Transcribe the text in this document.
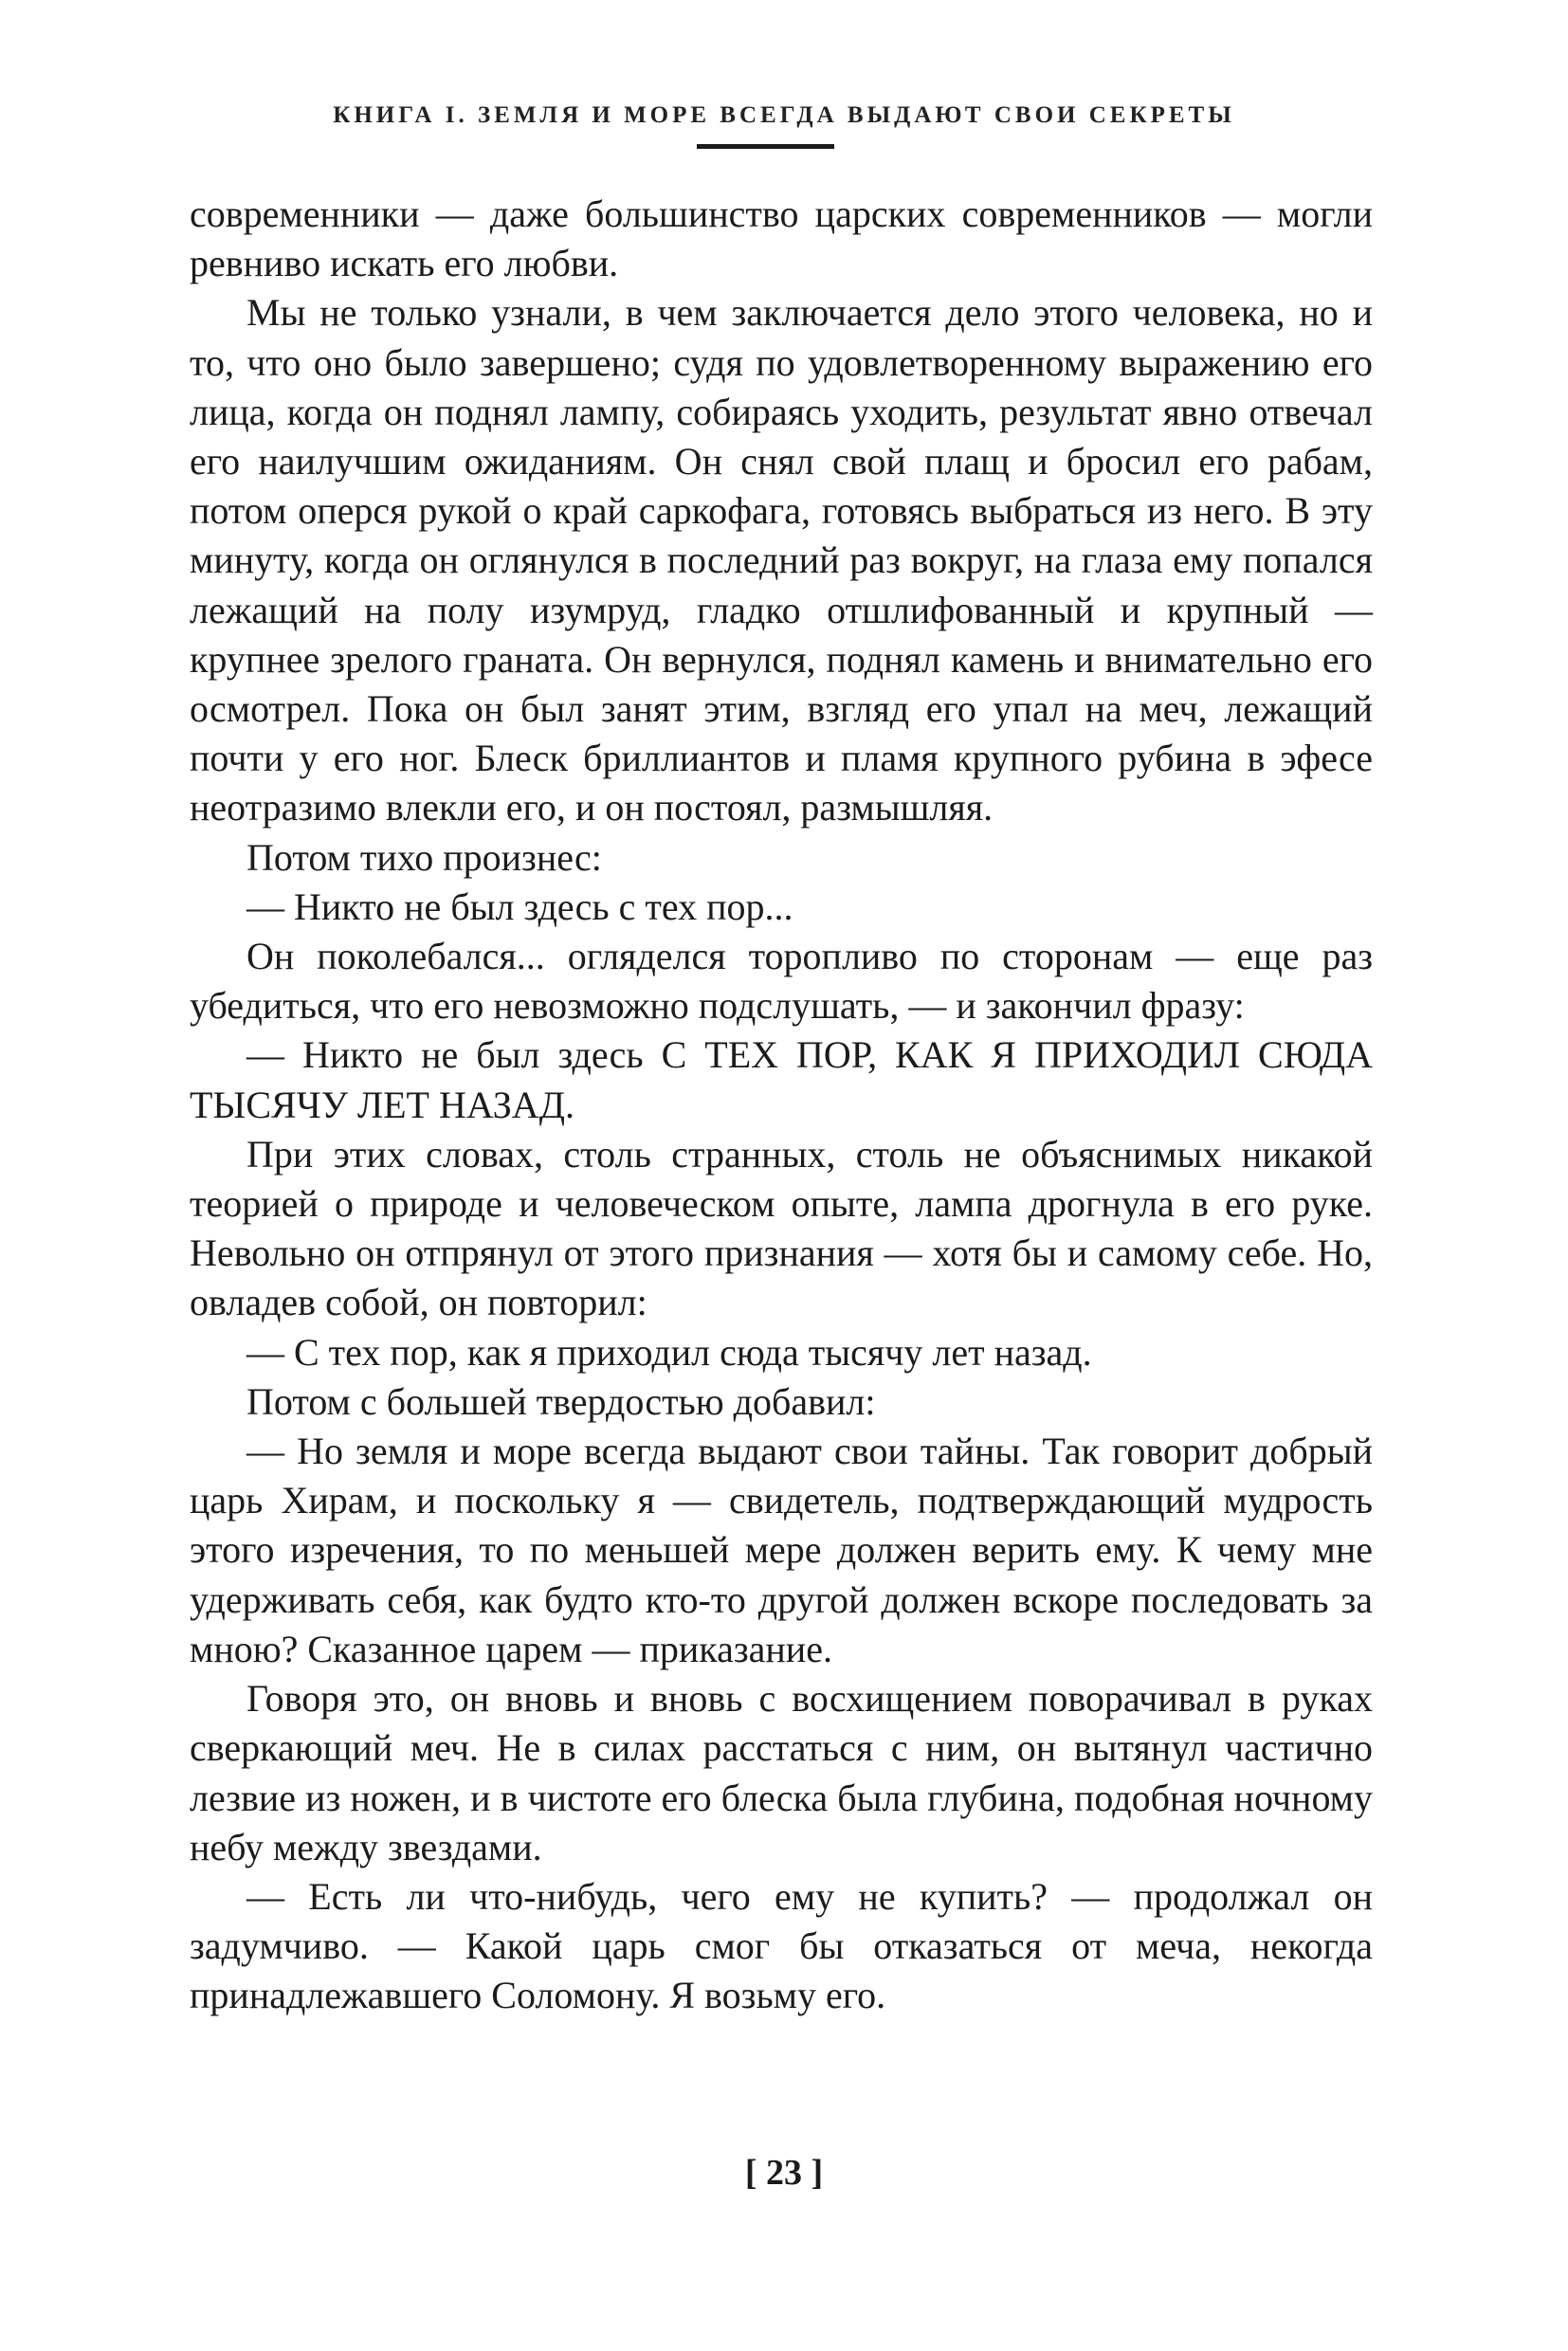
КНИГА I. ЗЕМЛЯ И МОРЕ ВСЕГДА ВЫДАЮТ СВОИ СЕКРЕТЫ

современники — даже большинство царских современников — могли ревниво искать его любви.

Мы не только узнали, в чем заключается дело этого человека, но и то, что оно было завершено; судя по удовлетворенному выражению его лица, когда он поднял лампу, собираясь уходить, результат явно отвечал его наилучшим ожиданиям. Он снял свой плащ и бросил его рабам, потом оперся рукой о край саркофага, готовясь выбраться из него. В эту минуту, когда он оглянулся в последний раз вокруг, на глаза ему попался лежащий на полу изумруд, гладко отшлифованный и крупный — крупнее зрелого граната. Он вернулся, поднял камень и внимательно его осмотрел. Пока он был занят этим, взгляд его упал на меч, лежащий почти у его ног. Блеск бриллиантов и пламя крупного рубина в эфесе неотразимо влекли его, и он постоял, размышляя.

Потом тихо произнес:

— Никто не был здесь с тех пор...

Он поколебался... огляделся торопливо по сторонам — еще раз убедиться, что его невозможно подслушать, — и закончил фразу:

— Никто не был здесь С ТЕХ ПОР, КАК Я ПРИХОДИЛ СЮДА ТЫСЯЧУ ЛЕТ НАЗАД.

При этих словах, столь странных, столь не объяснимых никакой теорией о природе и человеческом опыте, лампа дрогнула в его руке. Невольно он отпрянул от этого признания — хотя бы и самому себе. Но, овладев собой, он повторил:

— С тех пор, как я приходил сюда тысячу лет назад.

Потом с большей твердостью добавил:

— Но земля и море всегда выдают свои тайны. Так говорит добрый царь Хирам, и поскольку я — свидетель, подтверждающий мудрость этого изречения, то по меньшей мере должен верить ему. К чему мне удерживать себя, как будто кто-то другой должен вскоре последовать за мною? Сказанное царем — приказание.

Говоря это, он вновь и вновь с восхищением поворачивал в руках сверкающий меч. Не в силах расстаться с ним, он вытянул частично лезвие из ножен, и в чистоте его блеска была глубина, подобная ночному небу между звездами.

— Есть ли что-нибудь, чего ему не купить? — продолжал он задумчиво. — Какой царь смог бы отказаться от меча, некогда принадлежавшего Соломону. Я возьму его.

[ 23 ]
